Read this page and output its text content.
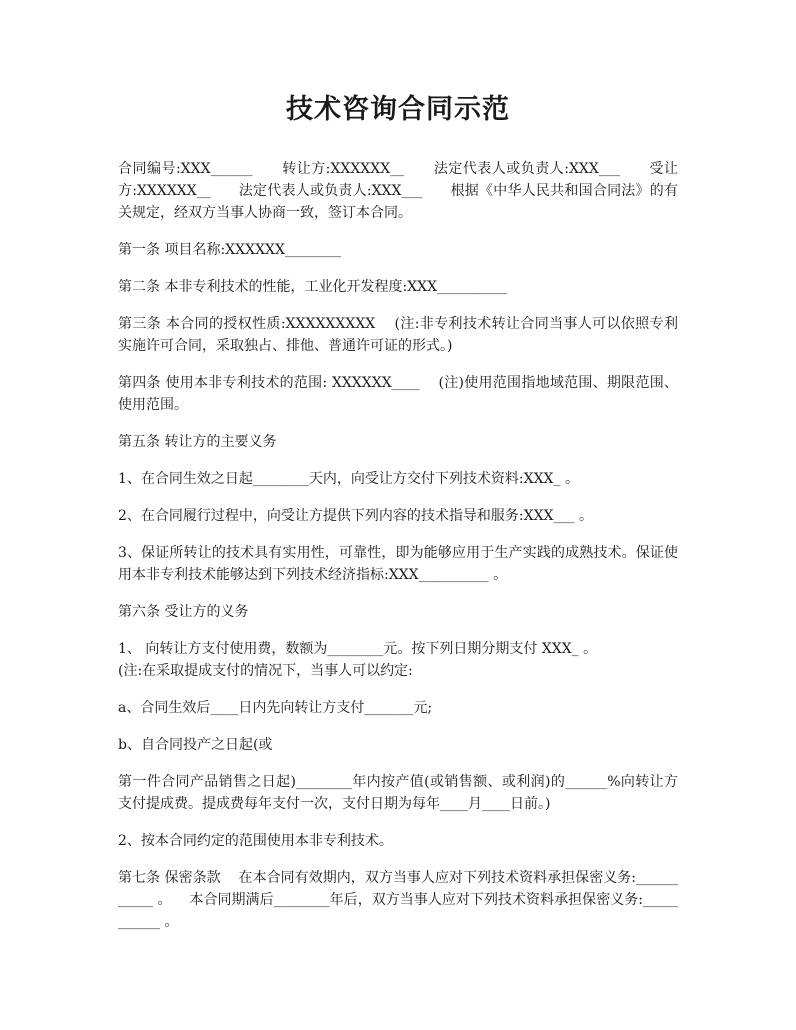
技术咨询合同示范
合同编号:XXX______      转让方:XXXXXX__      法定代表人或负责人:XXX___      受让方:XXXXXX__      法定代表人或负责人:XXX___      根据《中华人民共和国合同法》的有关规定，经双方当事人协商一致，签订本合同。
第一条 项目名称:XXXXXX________
第二条 本非专利技术的性能，工业化开发程度:XXX__________
第三条 本合同的授权性质:XXXXXXXXX    (注:非专利技术转让合同当事人可以依照专利实施许可合同，采取独占、排他、普通许可证的形式。)
第四条 使用本非专利技术的范围: XXXXXX____    (注)使用范围指地域范围、期限范围、使用范围。
第五条 转让方的主要义务
1、在合同生效之日起________天内，向受让方交付下列技术资料:XXX_ 。
2、在合同履行过程中，向受让方提供下列内容的技术指导和服务:XXX___ 。
3、保证所转让的技术具有实用性，可靠性，即为能够应用于生产实践的成熟技术。保证使用本非专利技术能够达到下列技术经济指标:XXX__________ 。
第六条 受让方的义务
1、 向转让方支付使用费，数额为________元。按下列日期分期支付 XXX_ 。
(注:在采取提成支付的情况下，当事人可以约定:
a、合同生效后____日内先向转让方支付_______元;
b、自合同投产之日起(或
第一件合同产品销售之日起)________年内按产值(或销售额、或利润)的______%向转让方支付提成费。提成费每年支付一次，支付日期为每年____月____日前。)
2、按本合同约定的范围使用本非专利技术。
第七条 保密条款    在本合同有效期内，双方当事人应对下列技术资料承担保密义务:___________ 。    本合同期满后________年后，双方当事人应对下列技术资料承担保密义务:___________ 。
